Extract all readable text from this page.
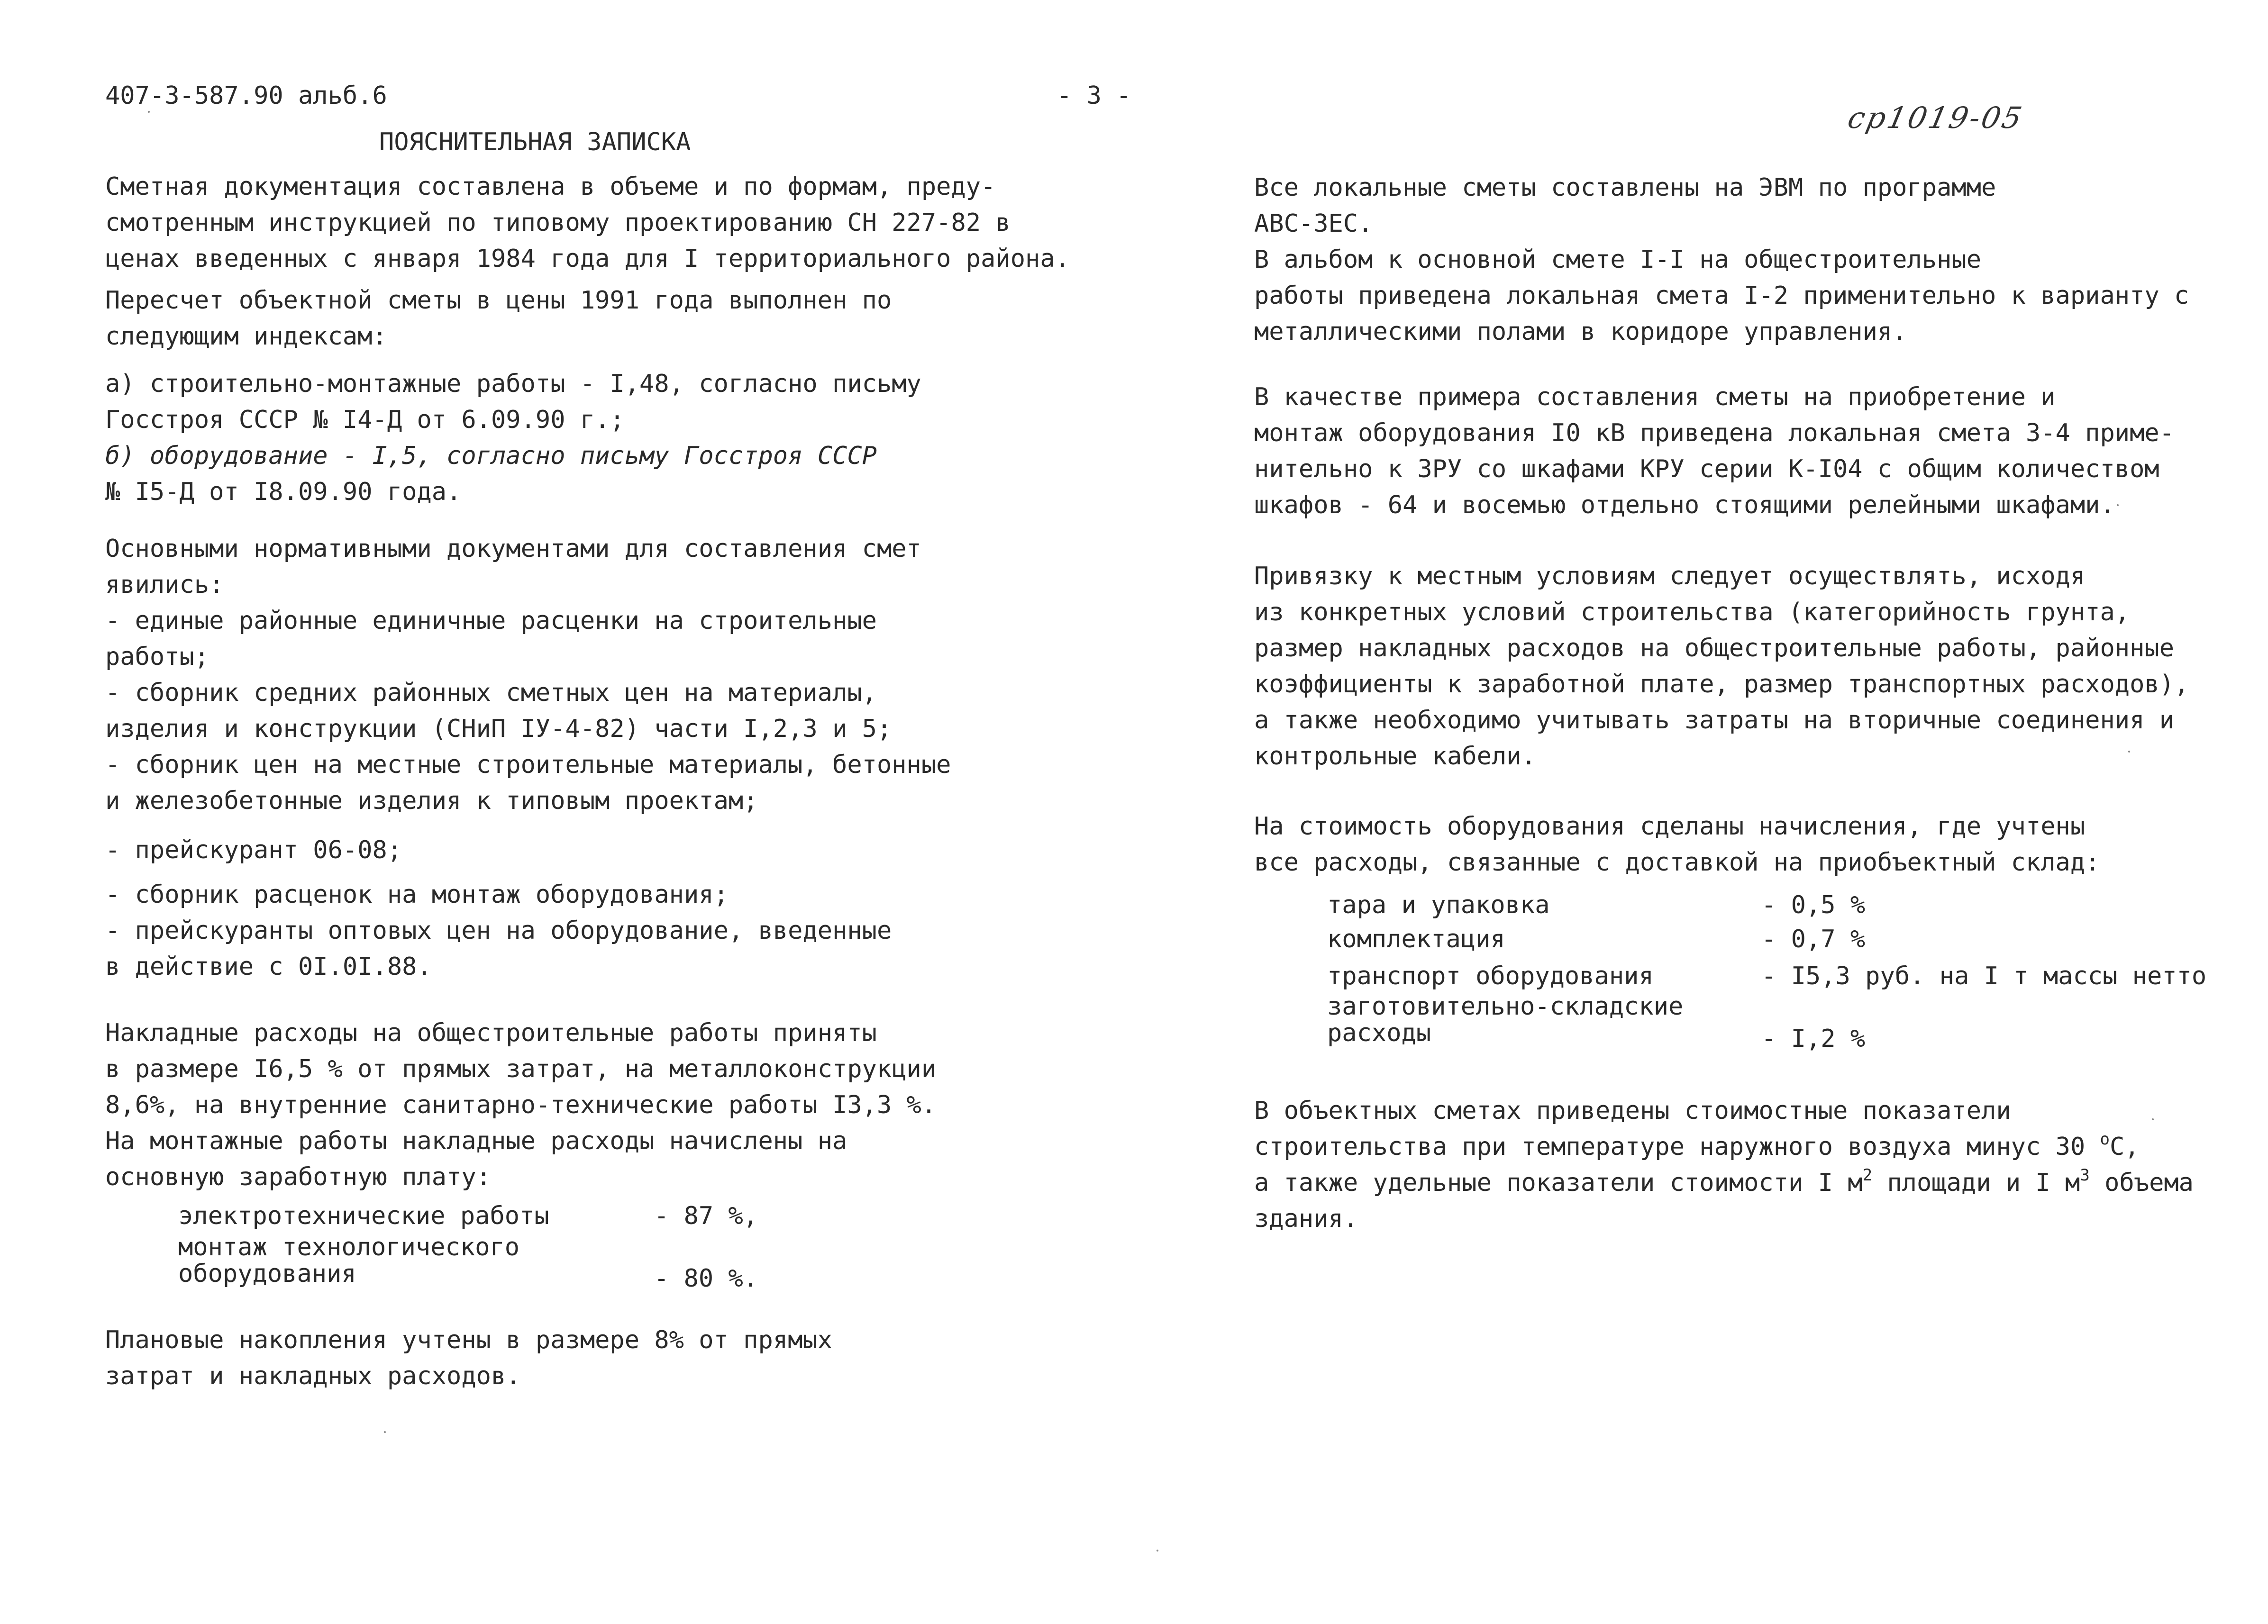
407-3-587.90 альб.6	- 3 -
ср1019-05
ПОЯСНИТЕЛЬНАЯ ЗАПИСКА
Сметная документация составлена в объеме и по формам, преду-
смотренным инструкцией по типовому проектированию СН 227-82 в
ценах введенных с января 1984 года для I территориального района.
Пересчет объектной сметы в цены 1991 года выполнен по
следующим индексам:
а) строительно-монтажные работы - I,48, согласно письму
Госстроя СССР № I4-Д от 6.09.90 г.;
б) оборудование - I,5, согласно письму Госстроя СССР
№ I5-Д от I8.09.90 года.
Основными нормативными документами для составления смет
явились:
- единые районные единичные расценки на строительные
работы;
- сборник средних районных сметных цен на материалы,
изделия и конструкции (СНиП IУ-4-82) части I,2,3 и 5;
- сборник цен на местные строительные материалы, бетонные
и железобетонные изделия к типовым проектам;
- прейскурант 06-08;
- сборник расценок на монтаж оборудования;
- прейскуранты оптовых цен на оборудование, введенные
в действие с 0I.0I.88.
Накладные расходы на общестроительные работы приняты
в размере I6,5 % от прямых затрат, на металлоконструкции
8,6%, на внутренние санитарно-технические работы I3,3 %.
На монтажные работы накладные расходы начислены на
основную заработную плату:
электротехнические работы	- 87 %,
монтаж технологического
оборудования	- 80 %.
Плановые накопления учтены в размере 8% от прямых
затрат и накладных расходов.
Все локальные сметы составлены на ЭВМ по программе
АВС-3ЕС.
В альбом к основной смете I-I на общестроительные
работы приведена локальная смета I-2 применительно к варианту с
металлическими полами в коридоре управления.
В качестве примера составления сметы на приобретение и
монтаж оборудования I0 кВ приведена локальная смета 3-4 приме-
нительно к ЗРУ со шкафами КРУ серии К-I04 с общим количеством
шкафов - 64 и восемью отдельно стоящими релейными шкафами.
Привязку к местным условиям следует осуществлять, исходя
из конкретных условий строительства (категорийность грунта,
размер накладных расходов на общестроительные работы, районные
коэффициенты к заработной плате, размер транспортных расходов),
а также необходимо учитывать затраты на вторичные соединения и
контрольные кабели.
На стоимость оборудования сделаны начисления, где учтены
все расходы, связанные с доставкой на приобъектный склад:
тара и упаковка	- 0,5 %
комплектация	- 0,7 %
транспорт оборудования	- I5,3 руб. на I т массы нетто
заготовительно-складские
расходы	- I,2 %
В объектных сметах приведены стоимостные показатели
строительства при температуре наружного воздуха минус 30 $^о$С,
а также удельные показатели стоимости I $м^2$ площади и I $м^3$ объема
здания.
